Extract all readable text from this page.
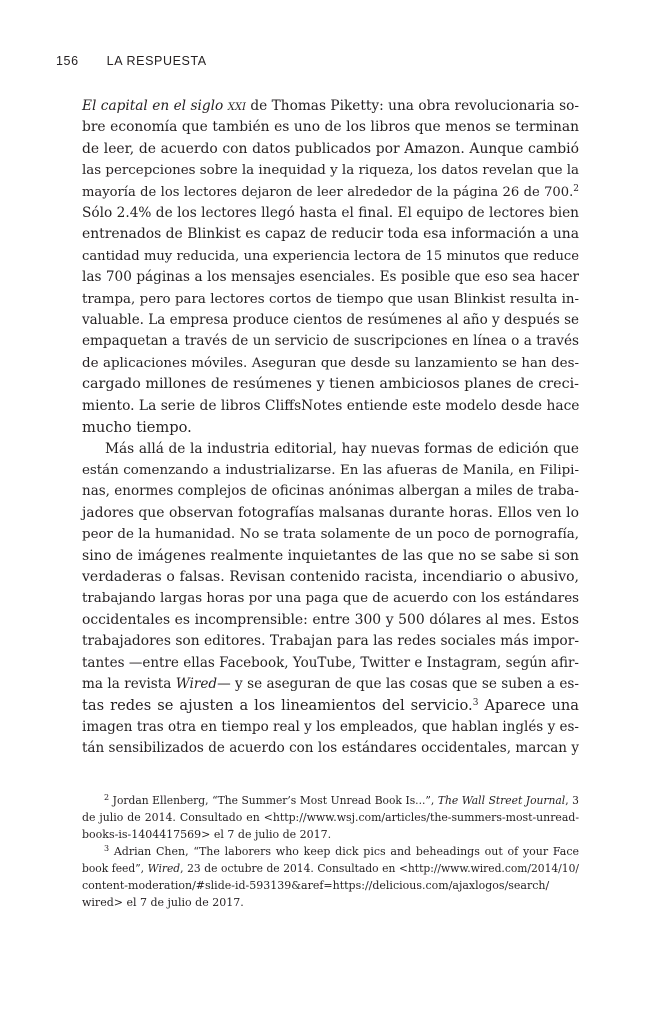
156 LA RESPUESTA
El capital en el siglo xxi de Thomas Piketty: una obra revolucionaria so-
bre economía que también es uno de los libros que menos se terminan
de leer, de acuerdo con datos publicados por Amazon. Aunque cambió
las percepciones sobre la inequidad y la riqueza, los datos revelan que la
mayoría de los lectores dejaron de leer alrededor de la página 26 de 700.$^2$
Sólo 2.4% de los lectores llegó hasta el final. El equipo de lectores bien
entrenados de Blinkist es capaz de reducir toda esa información a una
cantidad muy reducida, una experiencia lectora de 15 minutos que reduce
las 700 páginas a los mensajes esenciales. Es posible que eso sea hacer
trampa, pero para lectores cortos de tiempo que usan Blinkist resulta in-
valuable. La empresa produce cientos de resúmenes al año y después se
empaquetan a través de un servicio de suscripciones en línea o a través
de aplicaciones móviles. Aseguran que desde su lanzamiento se han des-
cargado millones de resúmenes y tienen ambiciosos planes de creci-
miento. La serie de libros CliffsNotes entiende este modelo desde hace
mucho tiempo.
Más allá de la industria editorial, hay nuevas formas de edición que
están comenzando a industrializarse. En las afueras de Manila, en Filipi-
nas, enormes complejos de oficinas anónimas albergan a miles de traba-
jadores que observan fotografías malsanas durante horas. Ellos ven lo
peor de la humanidad. No se trata solamente de un poco de pornografía,
sino de imágenes realmente inquietantes de las que no se sabe si son
verdaderas o falsas. Revisan contenido racista, incendiario o abusivo,
trabajando largas horas por una paga que de acuerdo con los estándares
occidentales es incomprensible: entre 300 y 500 dólares al mes. Estos
trabajadores son editores. Trabajan para las redes sociales más impor-
tantes —entre ellas Facebook, YouTube, Twitter e Instagram, según afir-
ma la revista Wired— y se aseguran de que las cosas que se suben a es-
tas redes se ajusten a los lineamientos del servicio.$^3$ Aparece una
imagen tras otra en tiempo real y los empleados, que hablan inglés y es-
tán sensibilizados de acuerdo con los estándares occidentales, marcan y
$^2$ Jordan Ellenberg, “The Summer’s Most Unread Book Is...”, The Wall Street Journal, 3
de julio de 2014. Consultado en <http://www.wsj.com/articles/the-summers-most-unread-
books-is-1404417569> el 7 de julio de 2017.
$^3$ Adrian Chen, “The laborers who keep dick pics and beheadings out of your Face
book feed”, Wired, 23 de octubre de 2014. Consultado en <http://www.wired.com/2014/10/
content-moderation/#slide-id-593139&aref=https://delicious.com/ajaxlogos/search/
wired> el 7 de julio de 2017.
